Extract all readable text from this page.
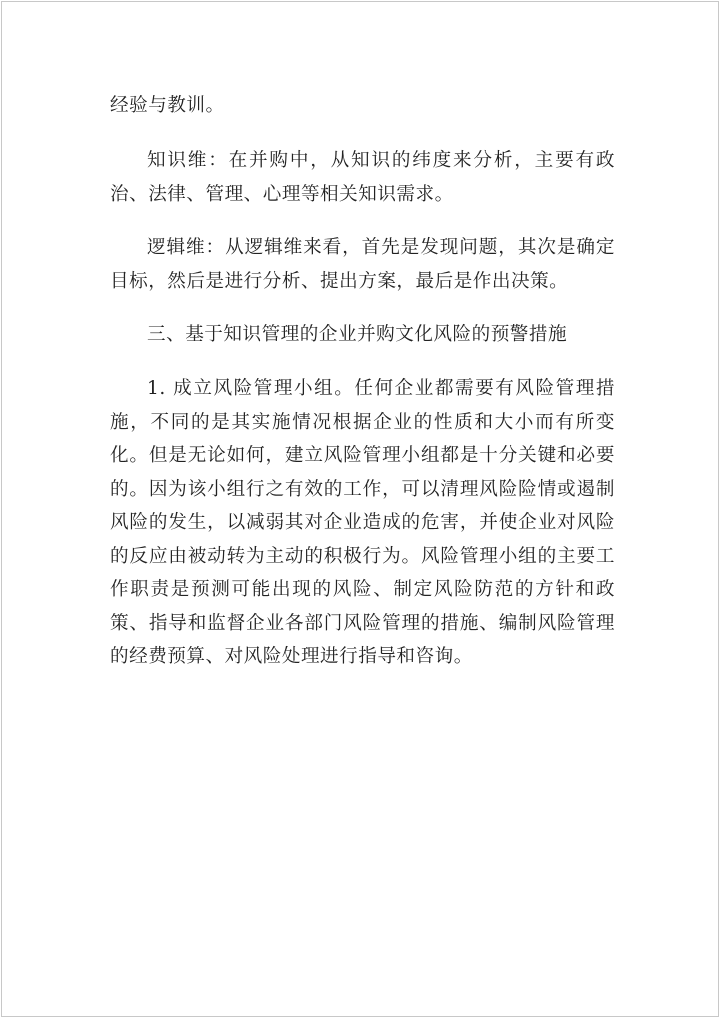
经验与教训。

知识维：在并购中，从知识的纬度来分析，主要有政治、法律、管理、心理等相关知识需求。

逻辑维：从逻辑维来看，首先是发现问题，其次是确定目标，然后是进行分析、提出方案，最后是作出决策。

三、基于知识管理的企业并购文化风险的预警措施

1. 成立风险管理小组。任何企业都需要有风险管理措施，不同的是其实施情况根据企业的性质和大小而有所变化。但是无论如何，建立风险管理小组都是十分关键和必要的。因为该小组行之有效的工作，可以清理风险险情或遏制风险的发生，以减弱其对企业造成的危害，并使企业对风险的反应由被动转为主动的积极行为。风险管理小组的主要工作职责是预测可能出现的风险、制定风险防范的方针和政策、指导和监督企业各部门风险管理的措施、编制风险管理的经费预算、对风险处理进行指导和咨询。
